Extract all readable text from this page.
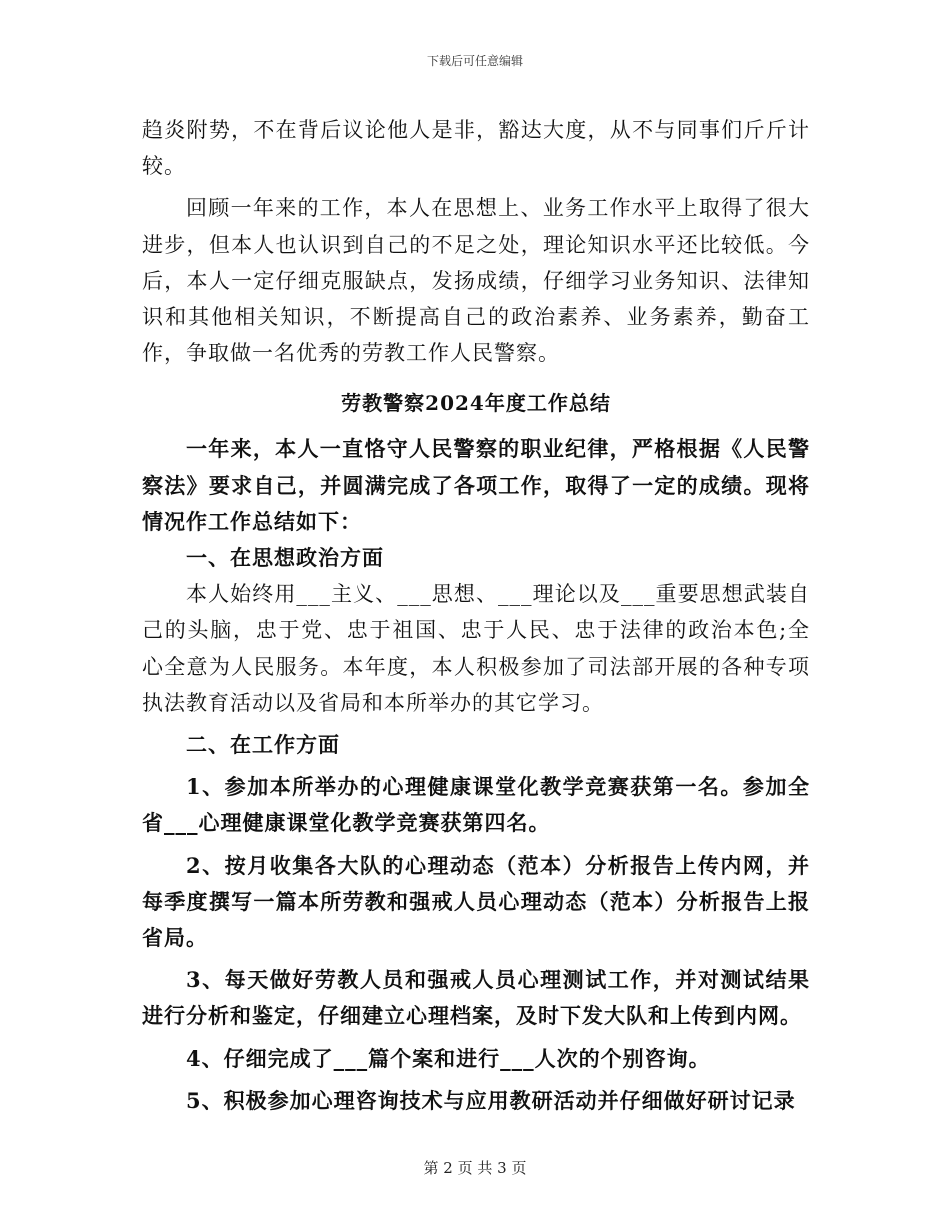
下载后可任意编辑

趋炎附势，不在背后议论他人是非，豁达大度，从不与同事们斤斤计较。

回顾一年来的工作，本人在思想上、业务工作水平上取得了很大进步，但本人也认识到自己的不足之处，理论知识水平还比较低。今后，本人一定仔细克服缺点，发扬成绩，仔细学习业务知识、法律知识和其他相关知识，不断提高自己的政治素养、业务素养，勤奋工作，争取做一名优秀的劳教工作人民警察。

劳教警察2024年度工作总结

一年来，本人一直恪守人民警察的职业纪律，严格根据《人民警察法》要求自己，并圆满完成了各项工作，取得了一定的成绩。现将情况作工作总结如下：

一、在思想政治方面

本人始终用___主义、___思想、___理论以及___重要思想武装自己的头脑，忠于党、忠于祖国、忠于人民、忠于法律的政治本色;全心全意为人民服务。本年度，本人积极参加了司法部开展的各种专项执法教育活动以及省局和本所举办的其它学习。

二、在工作方面

1、参加本所举办的心理健康课堂化教学竞赛获第一名。参加全省___心理健康课堂化教学竞赛获第四名。

2、按月收集各大队的心理动态（范本）分析报告上传内网，并每季度撰写一篇本所劳教和强戒人员心理动态（范本）分析报告上报省局。

3、每天做好劳教人员和强戒人员心理测试工作，并对测试结果进行分析和鉴定，仔细建立心理档案，及时下发大队和上传到内网。

4、仔细完成了___篇个案和进行___人次的个别咨询。

5、积极参加心理咨询技术与应用教研活动并仔细做好研讨记录

第 2 页 共 3 页
